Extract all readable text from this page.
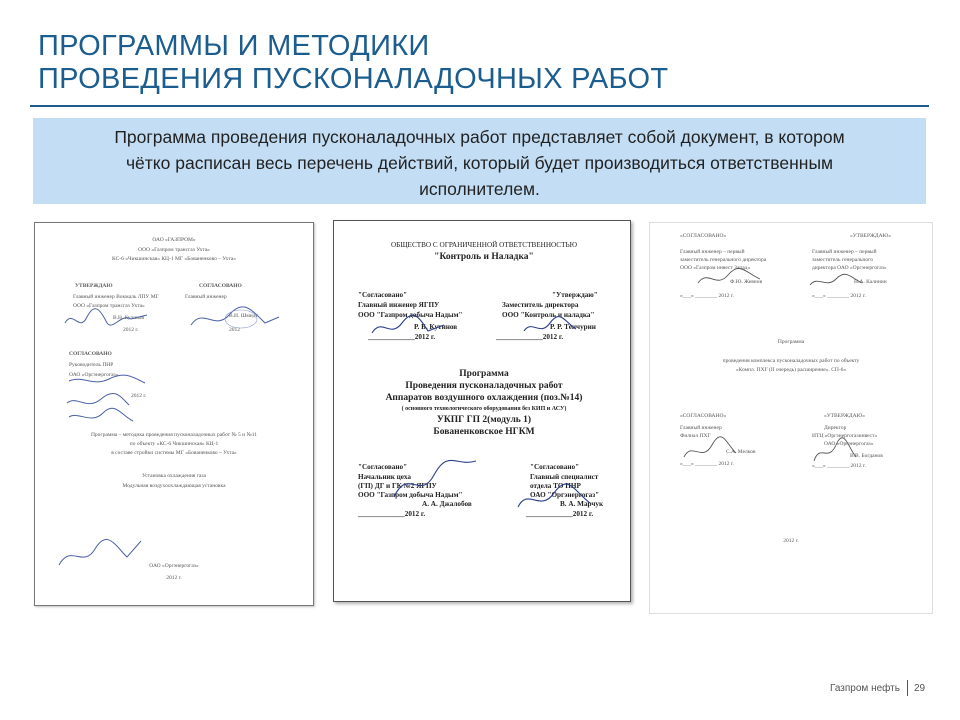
ПРОГРАММЫ И МЕТОДИКИ
ПРОВЕДЕНИЯ ПУСКОНАЛАДОЧНЫХ РАБОТ
Программа проведения пусконаладочных работ представляет собой документ, в котором чётко расписан весь перечень действий, который будет производиться ответственным исполнителем.
ОАО «ГАЗПРОМ»
ООО «Газпром трансгаз Ухта»
КС-6 «Чикшинская» КЦ-1 МГ «Бованенково – Ухта»
УТВЕРЖДАЮ
Главный инженер Вокмаль ЛПУ МГ
ООО «Газпром трансгаз Ухта»
В.Н. Куликов
2012 г.
СОГЛАСОВАНО
Главный инженер
В.И. Шмидт
2012
СОГЛАСОВАНО
Руководитель ПНР
ОАО «Оргэнергогаз»
2012 г.
Программа – методика проведения пусконаладочных работ № 5 и №11
по объекту «КС-6 Чикшинская» КЦ-1
в составе стройки системы МГ «Бованенково – Ухта»
Установка охлаждения газа
Модульная воздухоохлаждающая установка
ОАО «Оргэнергогаз»
2012 г.
ОБЩЕСТВО С ОГРАНИЧЕННОЙ ОТВЕТСТВЕННОСТЬЮ
"Контроль и Наладка"
"Согласовано"
Главный инженер ЯГПУ
ООО "Газпром добыча Надым"
Р. Б. Кутинов
_____________2012 г.
"Утверждаю"
Заместитель директора
ООО "Контроль и наладка"
Р. Р. Тенчурин
_____________2012 г.
Программа
Проведения пусконаладочных работ
Аппаратов воздушного охлаждения (поз.№14)
( основного технологического оборудования без КИП и АСУ)
УКПГ ГП 2(модуль 1)
Бованенковское НГКМ
"Согласовано"
Начальник цеха
(ГП) ДГ и ГК №2 ЯГПУ
ООО "Газпром добыча Надым"
А. А. Джалобов
_____________2012 г.
"Согласовано"
Главный специалист
отдела ТО ПНР
ОАО "Оргэнергогаз"
В. А. Марчук
_____________2012 г.
«СОГЛАСОВАНО»	«УТВЕРЖДАЮ»
Главный инженер – первый
заместитель генерального директора
ООО «Газпром инвест Запад»
Ф.Ю. Жевнов
Главный инженер – первый
заместитель генерального
директора ОАО «Оргэнергогаз»
Н.А. Калинин
«___» ________ 2012 г.	«___» ________ 2012 г.
Программа
проведения комплекса пусконаладочных работ по объекту
«Компл. ПХГ (II очередь) расширение». СП-6»
«СОГЛАСОВАНО»
Главный инженер
Филиал ПХГ
С.А. Мелков
«___» ________ 2012 г.
«УТВЕРЖДАЮ»
Директор
ИТЦ «Оргэнергогазинвест»
ОАО «Оргэнергогаз»
В.В. Богданов
«___» ________ 2012 г.
2012 г.
Газпром нефть 29
